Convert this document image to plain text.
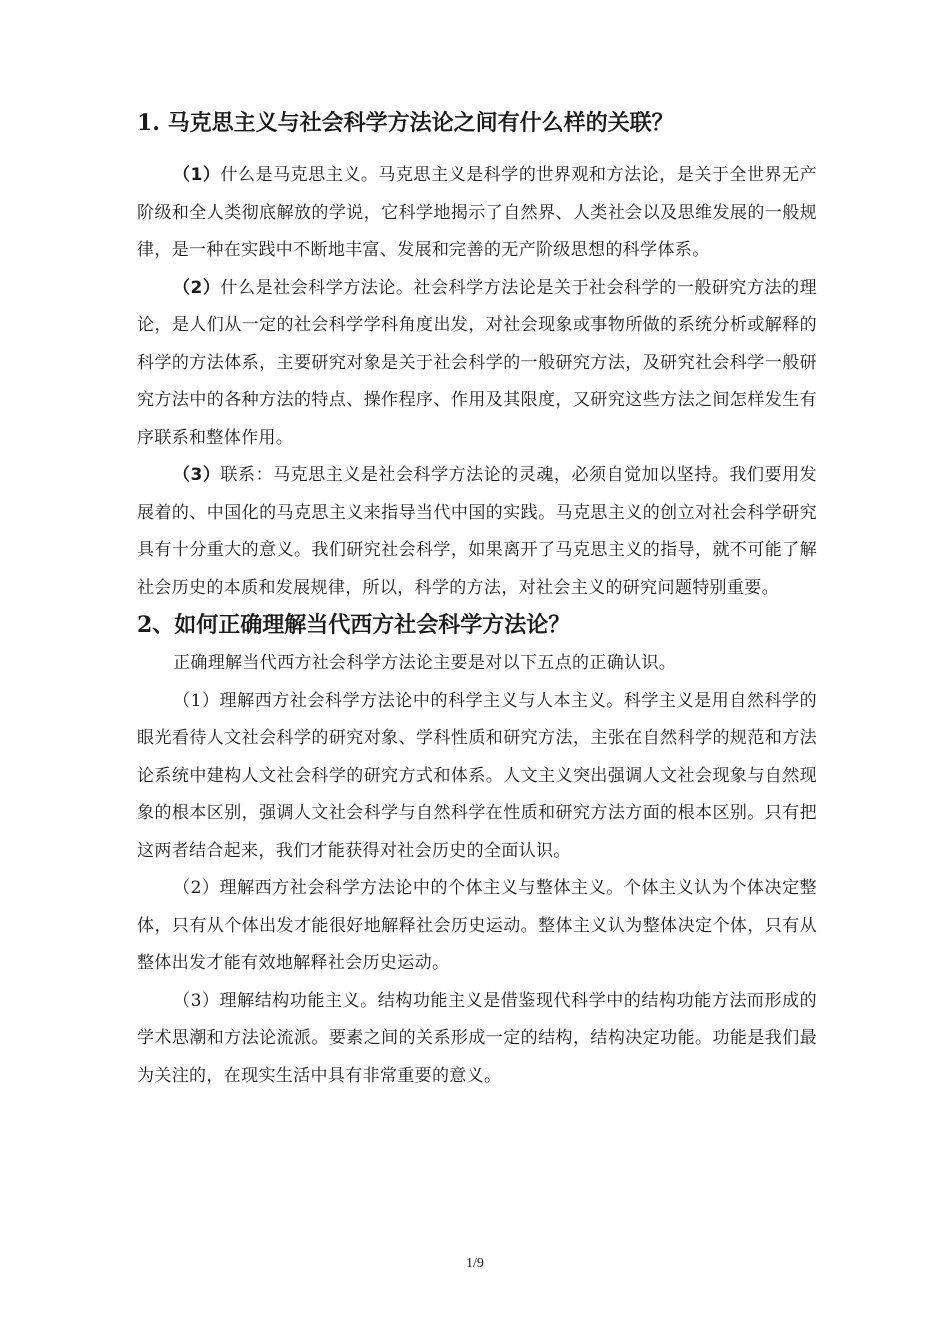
1. 马克思主义与社会科学方法论之间有什么样的关联？

（1）什么是马克思主义。马克思主义是科学的世界观和方法论，是关于全世界无产阶级和全人类彻底解放的学说，它科学地揭示了自然界、人类社会以及思维发展的一般规律，是一种在实践中不断地丰富、发展和完善的无产阶级思想的科学体系。

（2）什么是社会科学方法论。社会科学方法论是关于社会科学的一般研究方法的理论，是人们从一定的社会科学学科角度出发，对社会现象或事物所做的系统分析或解释的科学的方法体系，主要研究对象是关于社会科学的一般研究方法，及研究社会科学一般研究方法中的各种方法的特点、操作程序、作用及其限度，又研究这些方法之间怎样发生有序联系和整体作用。

（3）联系：马克思主义是社会科学方法论的灵魂，必须自觉加以坚持。我们要用发展着的、中国化的马克思主义来指导当代中国的实践。马克思主义的创立对社会科学研究具有十分重大的意义。我们研究社会科学，如果离开了马克思主义的指导，就不可能了解社会历史的本质和发展规律，所以，科学的方法，对社会主义的研究问题特别重要。

2、如何正确理解当代西方社会科学方法论？

正确理解当代西方社会科学方法论主要是对以下五点的正确认识。

（1）理解西方社会科学方法论中的科学主义与人本主义。科学主义是用自然科学的眼光看待人文社会科学的研究对象、学科性质和研究方法，主张在自然科学的规范和方法论系统中建构人文社会科学的研究方式和体系。人文主义突出强调人文社会现象与自然现象的根本区别，强调人文社会科学与自然科学在性质和研究方法方面的根本区别。只有把这两者结合起来，我们才能获得对社会历史的全面认识。

（2）理解西方社会科学方法论中的个体主义与整体主义。个体主义认为个体决定整体，只有从个体出发才能很好地解释社会历史运动。整体主义认为整体决定个体，只有从整体出发才能有效地解释社会历史运动。

（3）理解结构功能主义。结构功能主义是借鉴现代科学中的结构功能方法而形成的学术思潮和方法论流派。要素之间的关系形成一定的结构，结构决定功能。功能是我们最为关注的，在现实生活中具有非常重要的意义。

1/9
